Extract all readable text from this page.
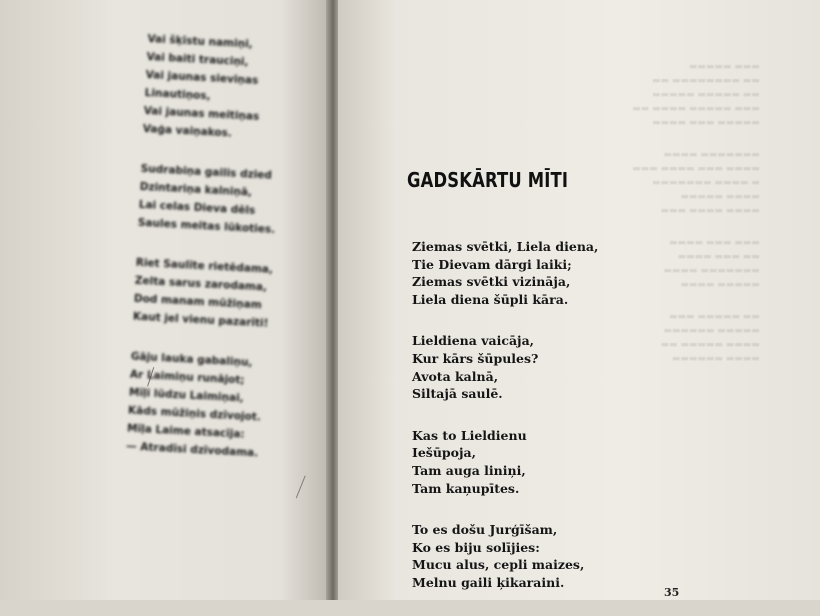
Vai šķīstu namiņi,
Vai baiti trauciņi,
Vai jaunas sieviņas
Linautiņos,
Vai jaunas meitiņas
Vaģa vaiņakos.
Sudrabiņa gailis dzied
Dzintariņa kalniņā,
Lai celas Dieva dēls
Saules meitas lūkoties.
Riet Saulīte rietēdama,
Zelta sarus zarodama,
Dod manam mūžiņam
Kaut jel vienu pazarīti!
Gāju lauka gabaliņu,
Ar Laimiņu runājot;
Mīļi lūdzu Laimiņai,
Kāds mūžiņis dzīvojot.
Mīļa Laime atsacīja:
— Atradīsi dzīvodama.
▬▬▬ ▬▬▬▬▬
▬▬ ▬▬▬▬▬▬▬▬ ▬▬
▬▬ ▬▬▬▬▬ ▬▬▬▬▬
▬▬▬ ▬▬▬▬▬ ▬▬▬▬ ▬▬
▬▬▬▬▬ ▬▬▬ ▬▬▬▬
▬▬▬▬▬▬▬ ▬▬▬▬
▬▬▬▬ ▬▬▬ ▬▬▬▬ ▬▬▬
▬ ▬▬▬▬ ▬▬▬▬▬▬▬
▬▬▬▬ ▬▬▬▬▬
▬▬▬▬ ▬▬▬▬ ▬▬▬
▬▬▬ ▬▬▬ ▬▬▬▬
▬▬ ▬▬▬ ▬▬▬▬
▬▬▬▬▬▬▬ ▬▬▬▬
▬▬▬▬▬ ▬▬▬▬
▬▬ ▬▬▬▬▬ ▬▬▬
▬▬▬▬▬ ▬▬▬▬▬▬
▬▬▬▬ ▬▬▬▬▬ ▬▬
▬▬▬▬ ▬▬▬▬▬▬
GADSKĀRTU MĪTI
Ziemas svētki, Liela diena,
Tie Dievam dārgi laiki;
Ziemas svētki vizināja,
Liela diena šūpli kāra.
Lieldiena vaicāja,
Kur kārs šūpules?
Avota kalnā,
Siltajā saulē.
Kas to Lieldienu
Iešūpoja,
Tam auga liniņi,
Tam kaņupītes.
To es došu Jurģīšam,
Ko es biju solījies:
Mucu alus, cepli maizes,
Melnu gaili ķikaraini.
35
